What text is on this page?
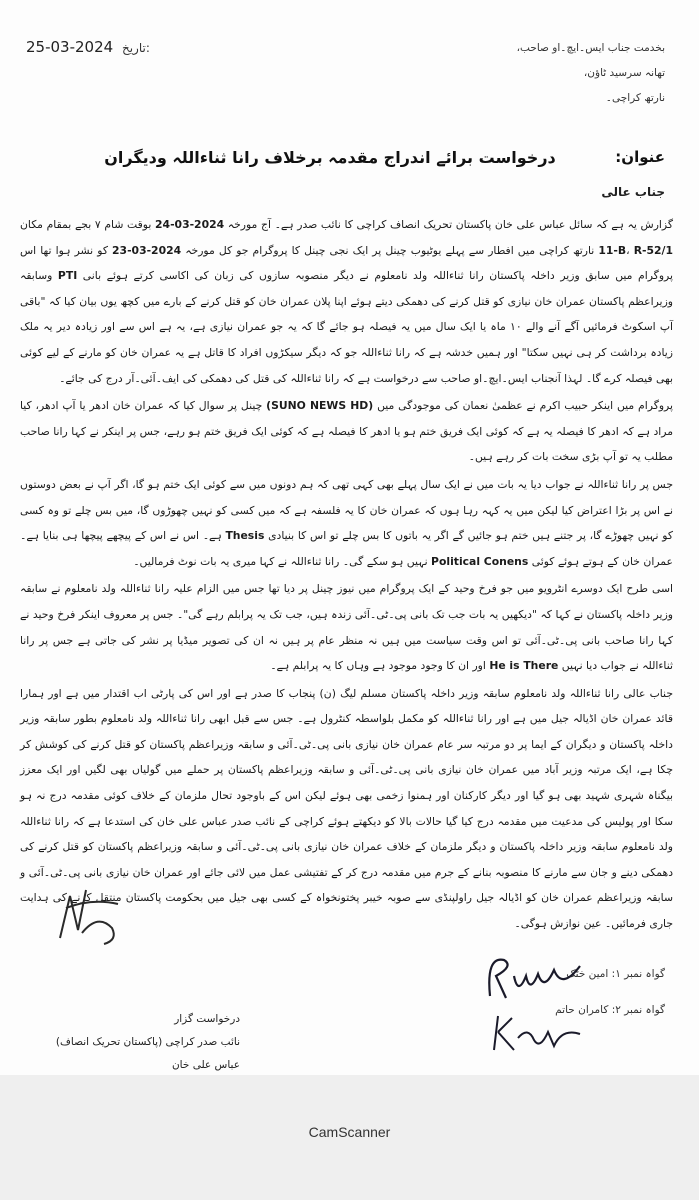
25-03-2024 تاریخ:	بخدمت جناب ایس۔ایچ۔او صاحب،
تھانہ سرسید ٹاؤن،
نارتھ کراچی۔
عنوان:
درخواست برائے اندراج مقدمہ برخلاف رانا ثناءاللہ ودیگران
جناب عالی

گزارش یہ ہے کہ سائل عباس علی خان پاکستان تحریک انصاف کراچی کا نائب صدر ہے۔ آج مورخہ 24-03-2024 بوقت شام ۷ بجے بمقام مکان 11-B، R-52/1 نارتھ کراچی میں افطار سے پہلے یوٹیوب چینل پر ایک نجی چینل کا پروگرام جو کل مورخہ 23-03-2024 کو نشر ہوا تھا اس پروگرام میں سابق وزیر داخلہ پاکستان رانا ثناءاللہ ولد نامعلوم نے دیگر منصوبہ سازوں کی زبان کی اکاسی کرتے ہوئے بانی PTI وسابقہ وزیراعظم پاکستان عمران خان نیازی کو قتل کرنے کی دھمکی دیتے ہوئے اپنا پلان عمران خان کو قتل کرنے کے بارے میں کچھ یوں بیان کیا کہ "باقی آپ اسکوٹ فرمائیں آگے آنے والے ۱۰ ماہ یا ایک سال میں یہ فیصلہ ہو جائے گا کہ یہ جو عمران نیازی ہے، یہ ہے اس سے اور زیادہ دیر یہ ملک زیادہ برداشت کر ہی نہیں سکتا" اور ہمیں خدشہ ہے کہ رانا ثناءاللہ جو کہ دیگر سیکڑوں افراد کا قاتل ہے یہ عمران خان کو مارنے کے لیے کوئی بھی فیصلہ کرے گا۔ لہذا آنجناب ایس۔ایچ۔او صاحب سے درخواست ہے کہ رانا ثناءاللہ کی قتل کی دھمکی کی ایف۔آئی۔آر درج کی جائے۔

پروگرام میں اینکر حبیب اکرم نے عظمیٰ نعمان کی موجودگی میں (SUNO NEWS HD) چینل پر سوال کیا کہ عمران خان ادھر یا آپ ادھر، کیا مراد ہے کہ ادھر کا فیصلہ یہ ہے کہ کوئی ایک فریق ختم ہو یا ادھر کا فیصلہ ہے کہ کوئی ایک فریق ختم ہو رہے، جس پر اینکر نے کہا رانا صاحب مطلب یہ تو آپ بڑی سخت بات کر رہے ہیں۔

جس پر رانا ثناءاللہ نے جواب دیا یہ بات میں نے ایک سال پہلے بھی کہی تھی کہ ہم دونوں میں سے کوئی ایک ختم ہو گا، اگر آپ نے بعض دوستوں نے اس پر بڑا اعتراض کیا لیکن میں یہ کہہ رہا ہوں کہ عمران خان کا یہ فلسفہ ہے کہ میں کسی کو نہیں چھوڑوں گا، میں بس چلے تو وہ کسی کو نہیں چھوڑے گا، پر جتنے ہیں ختم ہو جائیں گے اگر یہ باتوں کا بس چلے تو اس کا بنیادی Thesis ہے۔ اس نے اس کے پیچھے پیچھا ہی بنایا ہے۔ عمران خان کے ہوتے ہوئے کوئی Political Conens نہیں ہو سکے گی۔ رانا ثناءاللہ نے کہا میری یہ بات نوٹ فرمالیں۔

اسی طرح ایک دوسرے انٹرویو میں جو فرخ وحید کے ایک پروگرام میں نیوز چینل پر دیا تھا جس میں الزام علیہ رانا ثناءاللہ ولد نامعلوم نے سابقہ وزیر داخلہ پاکستان نے کہا کہ "دیکھیں یہ بات جب تک بانی پی۔ٹی۔آئی زندہ ہیں، جب تک یہ پرابلم رہے گی"۔ جس پر معروف اینکر فرخ وحید نے کہا رانا صاحب بانی پی۔ٹی۔آئی تو اس وقت سیاست میں ہیں نہ منظر عام پر ہیں نہ ان کی تصویر میڈیا پر نشر کی جاتی ہے جس پر رانا ثناءاللہ نے جواب دیا نہیں He is There اور ان کا وجود موجود ہے وہاں کا یہ پرابلم ہے۔

جناب عالی رانا ثناءاللہ ولد نامعلوم سابقہ وزیر داخلہ پاکستان مسلم لیگ (ن) پنجاب کا صدر ہے اور اس کی پارٹی اب اقتدار میں ہے اور ہمارا قائد عمران خان اڈیالہ جیل میں ہے اور رانا ثناءاللہ کو مکمل بلواسطہ کنٹرول ہے۔ جس سے قبل ابھی رانا ثناءاللہ ولد نامعلوم بطور سابقہ وزیر داخلہ پاکستان و دیگران کے ایما پر دو مرتبہ سر عام عمران خان نیازی بانی پی۔ٹی۔آئی و سابقہ وزیراعظم پاکستان کو قتل کرنے کی کوشش کر چکا ہے، ایک مرتبہ وزیر آباد میں عمران خان نیازی بانی پی۔ٹی۔آئی و سابقہ وزیراعظم پاکستان پر حملے میں گولیاں بھی لگیں اور ایک معزز بیگناہ شہری شہید بھی ہو گیا اور دیگر کارکنان اور ہمنوا زخمی بھی ہوئے لیکن اس کے باوجود تحال ملزمان کے خلاف کوئی مقدمہ درج نہ ہو سکا اور پولیس کی مدعیت میں مقدمہ درج کیا گیا حالات بالا کو دیکھتے ہوئے کراچی کے نائب صدر عباس علی خان کی استدعا ہے کہ رانا ثناءاللہ ولد نامعلوم سابقہ وزیر داخلہ پاکستان و دیگر ملزمان کے خلاف عمران خان نیازی بانی پی۔ٹی۔آئی و سابقہ وزیراعظم پاکستان کو قتل کرنے کی دھمکی دینے و جان سے مارنے کا منصوبہ بنانے کے جرم میں مقدمہ درج کر کے تفتیشی عمل میں لائی جائے اور عمران خان نیازی بانی پی۔ٹی۔آئی و سابقہ وزیراعظم عمران خان کو اڈیالہ جیل راولپنڈی سے صوبہ خیبر پختونخواہ کے کسی بھی جیل میں بحکومت پاکستان منتقل کرنے کی ہدایت جاری فرمائیں۔ عین نوازش ہوگی۔

درخواست گزار
نائب صدر کراچی (پاکستان تحریک انصاف)
عباس علی خان
گواہ نمبر ۱: امین خٹک
گواہ نمبر ۲: کامران حاتم
CamScanner
